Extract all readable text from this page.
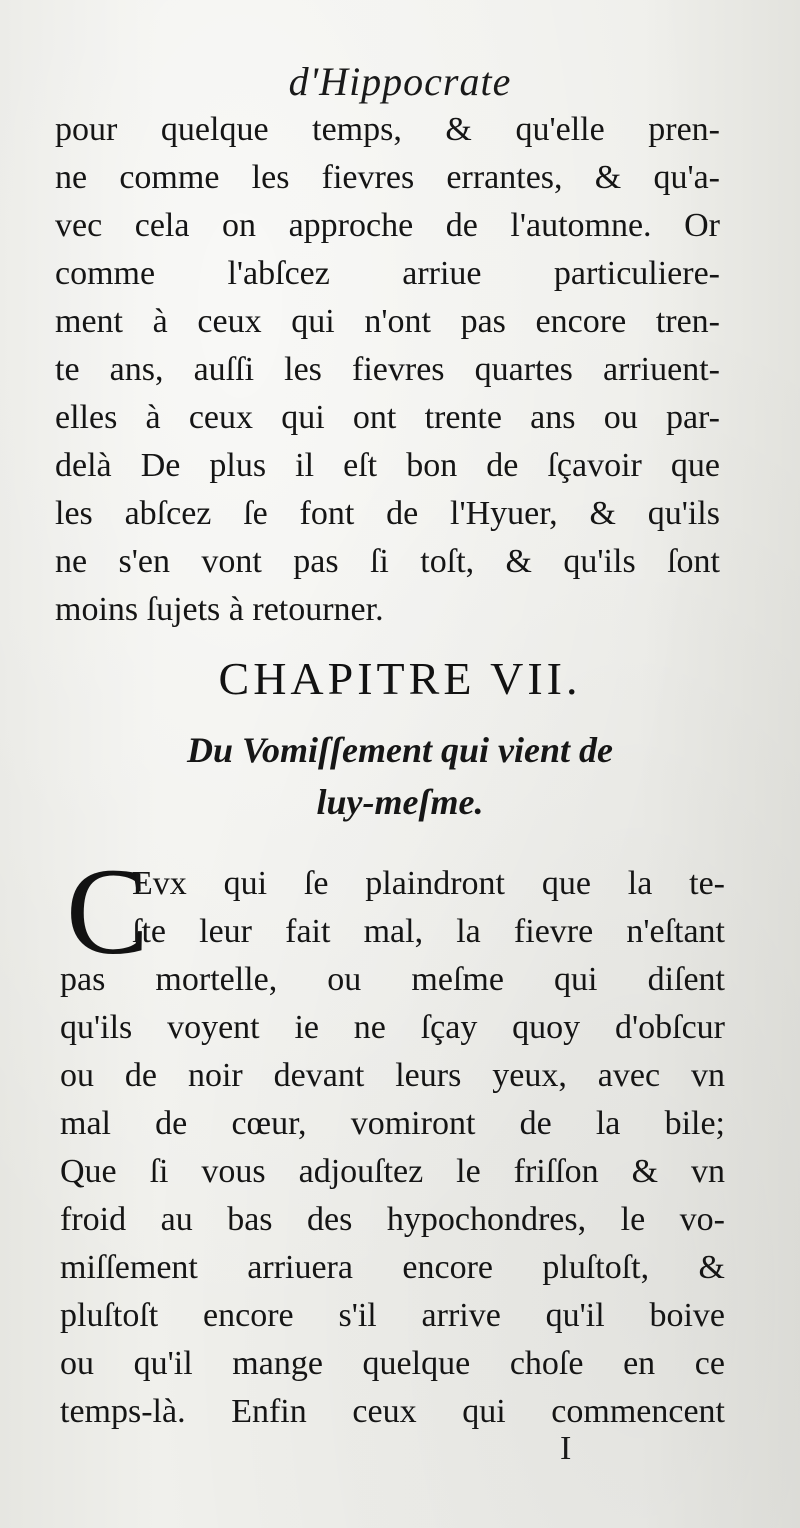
d'Hippocrate
pour quelque temps, & qu'elle pren-
ne comme les fievres errantes, & qu'a-
vec cela on approche de l'automne. Or
comme l'abſcez arriue particuliere-
ment à ceux qui n'ont pas encore tren-
te ans, auſſi les fievres quartes arriuent-
elles à ceux qui ont trente ans ou par-
delà De plus il eſt bon de ſçavoir que
les abſcez ſe font de l'Hyuer, & qu'ils
ne s'en vont pas ſi toſt, & qu'ils ſont
moins ſujets à retourner.
CHAPITRE VII.
Du Vomiſſement qui vient de
luy-meſme.
C
Evx qui ſe plaindront que la te-
ſte leur fait mal, la fievre n'eſtant
pas mortelle, ou meſme qui diſent
qu'ils voyent ie ne ſçay quoy d'obſcur
ou de noir devant leurs yeux, avec vn
mal de cœur, vomiront de la bile;
Que ſi vous adjouſtez le friſſon & vn
froid au bas des hypochondres, le vo-
miſſement arriuera encore pluſtoſt, &
pluſtoſt encore s'il arrive qu'il boive
ou qu'il mange quelque choſe en ce
temps-là. Enfin ceux qui commencent
I
